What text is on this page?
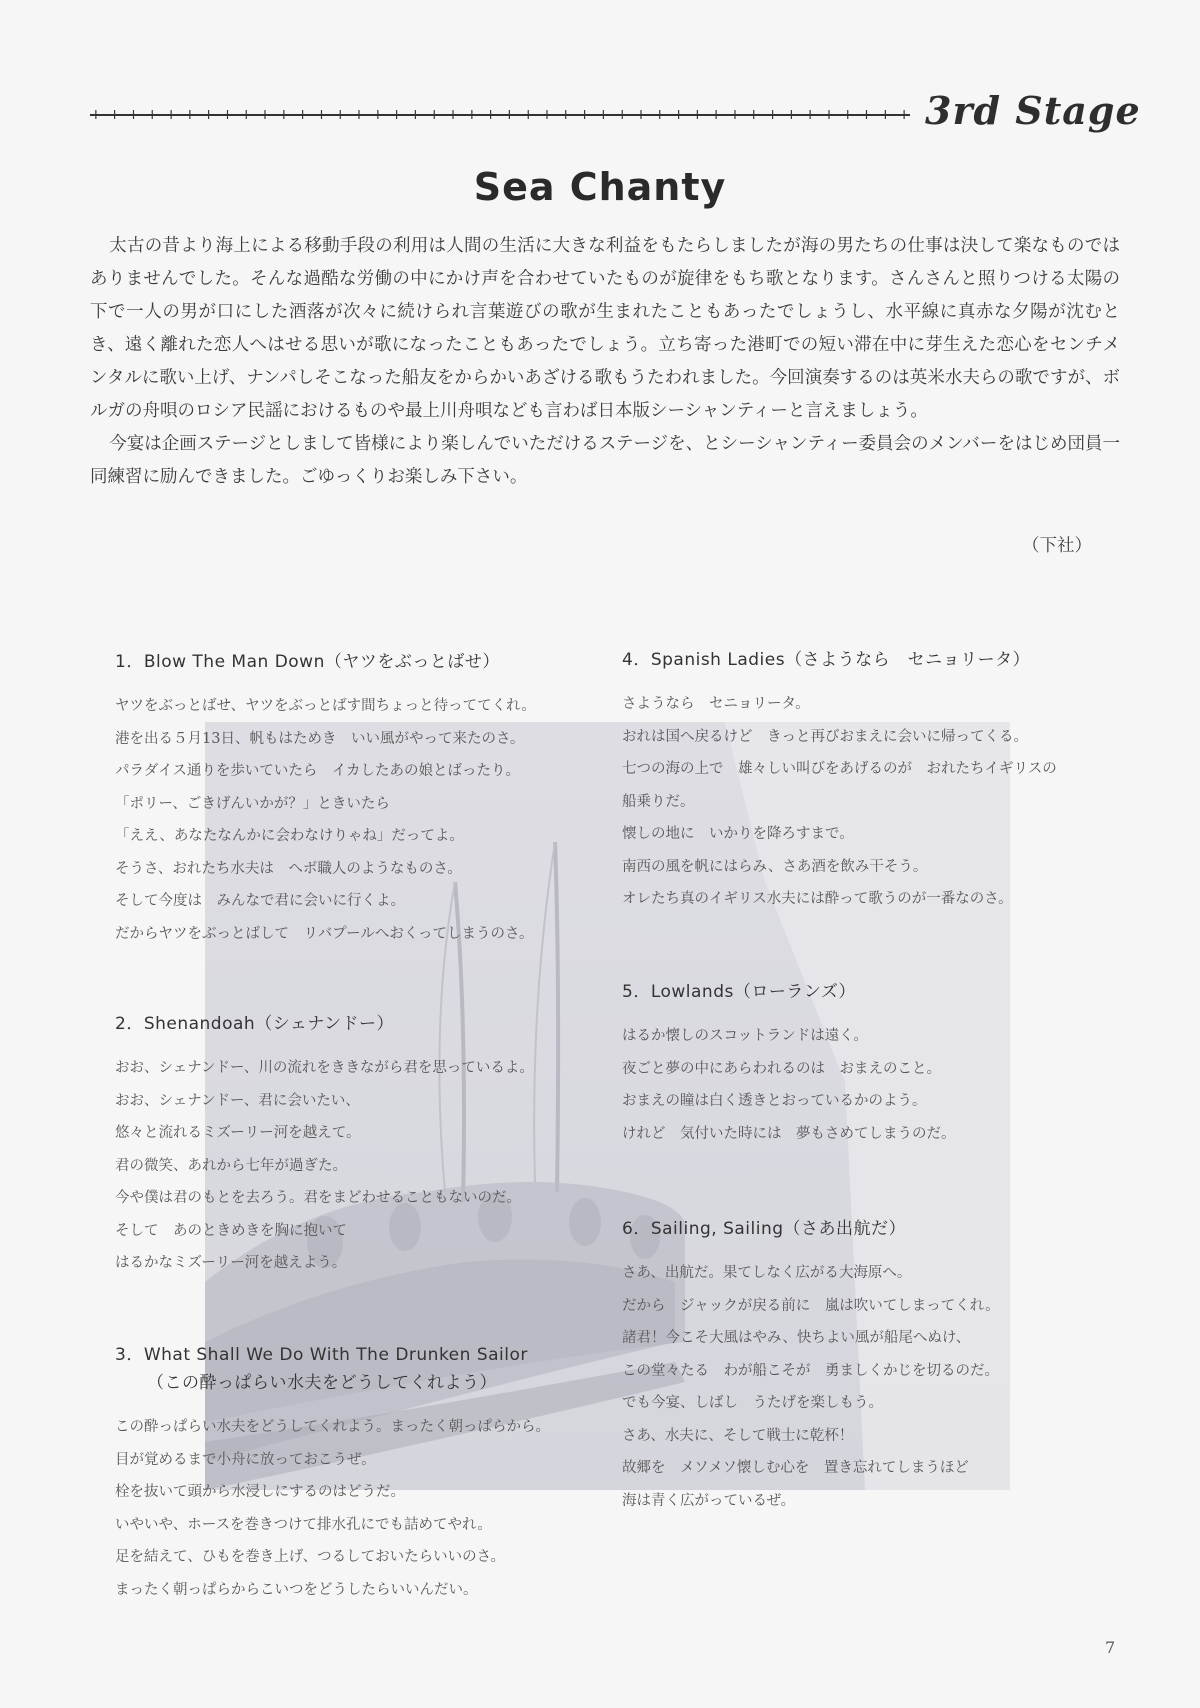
+ + + + + + + + + + + + + + + + + + + + + + + + + + + + + + + + + + + + + + + + + + + + 3rd Stage
Sea Chanty

太古の昔より海上による移動手段の利用は人間の生活に大きな利益をもたらしましたが海の男たちの仕事は決して楽なものではありませんでした。そんな過酷な労働の中にかけ声を合わせていたものが旋律をもち歌となります。さんさんと照りつける太陽の下で一人の男が口にした酒落が次々に続けられ言葉遊びの歌が生まれたこともあったでしょうし、水平線に真赤な夕陽が沈むとき、遠く離れた恋人へはせる思いが歌になったこともあったでしょう。立ち寄った港町での短い滞在中に芽生えた恋心をセンチメンタルに歌い上げ、ナンパしそこなった船友をからかいあざける歌もうたわれました。今回演奏するのは英米水夫らの歌ですが、ボルガの舟唄のロシア民謡におけるものや最上川舟唄なども言わば日本版シーシャンティーと言えましょう。

今宴は企画ステージとしまして皆様により楽しんでいただけるステージを、とシーシャンティー委員会のメンバーをはじめ団員一同練習に励んできました。ごゆっくりお楽しみ下さい。

（下社）
1．Blow The Man Down（ヤツをぶっとばせ）

ヤツをぶっとばせ、ヤツをぶっとばす間ちょっと待っててくれ。

港を出る５月13日、帆もはためき　いい風がやって来たのさ。

パラダイス通りを歩いていたら　イカしたあの娘とばったり。

「ポリー、ごきげんいかが？」ときいたら

「ええ、あなたなんかに会わなけりゃね」だってよ。

そうさ、おれたち水夫は　へボ職人のようなものさ。

そして今度は　みんなで君に会いに行くよ。

だからヤツをぶっとばして　リバプールへおくってしまうのさ。

2．Shenandoah（シェナンドー）

おお、シェナンドー、川の流れをききながら君を思っているよ。

おお、シェナンドー、君に会いたい、

悠々と流れるミズーリー河を越えて。

君の微笑、あれから七年が過ぎた。

今や僕は君のもとを去ろう。君をまどわせることもないのだ。

そして　あのときめきを胸に抱いて

はるかなミズーリー河を越えよう。

3．What Shall We Do With The Drunken Sailor
（この酔っぱらい水夫をどうしてくれよう）

この酔っぱらい水夫をどうしてくれよう。まったく朝っぱらから。

目が覚めるまで小舟に放っておこうぜ。

栓を抜いて頭から水浸しにするのはどうだ。

いやいや、ホースを巻きつけて排水孔にでも詰めてやれ。

足を結えて、ひもを巻き上げ、つるしておいたらいいのさ。

まったく朝っぱらからこいつをどうしたらいいんだい。

4．Spanish Ladies（さようなら　セニョリータ）

さようなら　セニョリータ。

おれは国へ戻るけど　きっと再びおまえに会いに帰ってくる。

七つの海の上で　雄々しい叫びをあげるのが　おれたちイギリスの

船乗りだ。

懐しの地に　いかりを降ろすまで。

南西の風を帆にはらみ、さあ酒を飲み干そう。

オレたち真のイギリス水夫には酔って歌うのが一番なのさ。

5．Lowlands（ローランズ）

はるか懐しのスコットランドは遠く。

夜ごと夢の中にあらわれるのは　おまえのこと。

おまえの瞳は白く透きとおっているかのよう。

けれど　気付いた時には　夢もさめてしまうのだ。

6．Sailing, Sailing（さあ出航だ）

さあ、出航だ。果てしなく広がる大海原へ。

だから　ジャックが戻る前に　嵐は吹いてしまってくれ。

諸君！今こそ大風はやみ、快ちよい風が船尾へぬけ、

この堂々たる　わが船こそが　勇ましくかじを切るのだ。

でも今宴、しばし　うたげを楽しもう。

さあ、水夫に、そして戦士に乾杯！

故郷を　メソメソ懐しむ心を　置き忘れてしまうほど

海は青く広がっているぜ。

7
